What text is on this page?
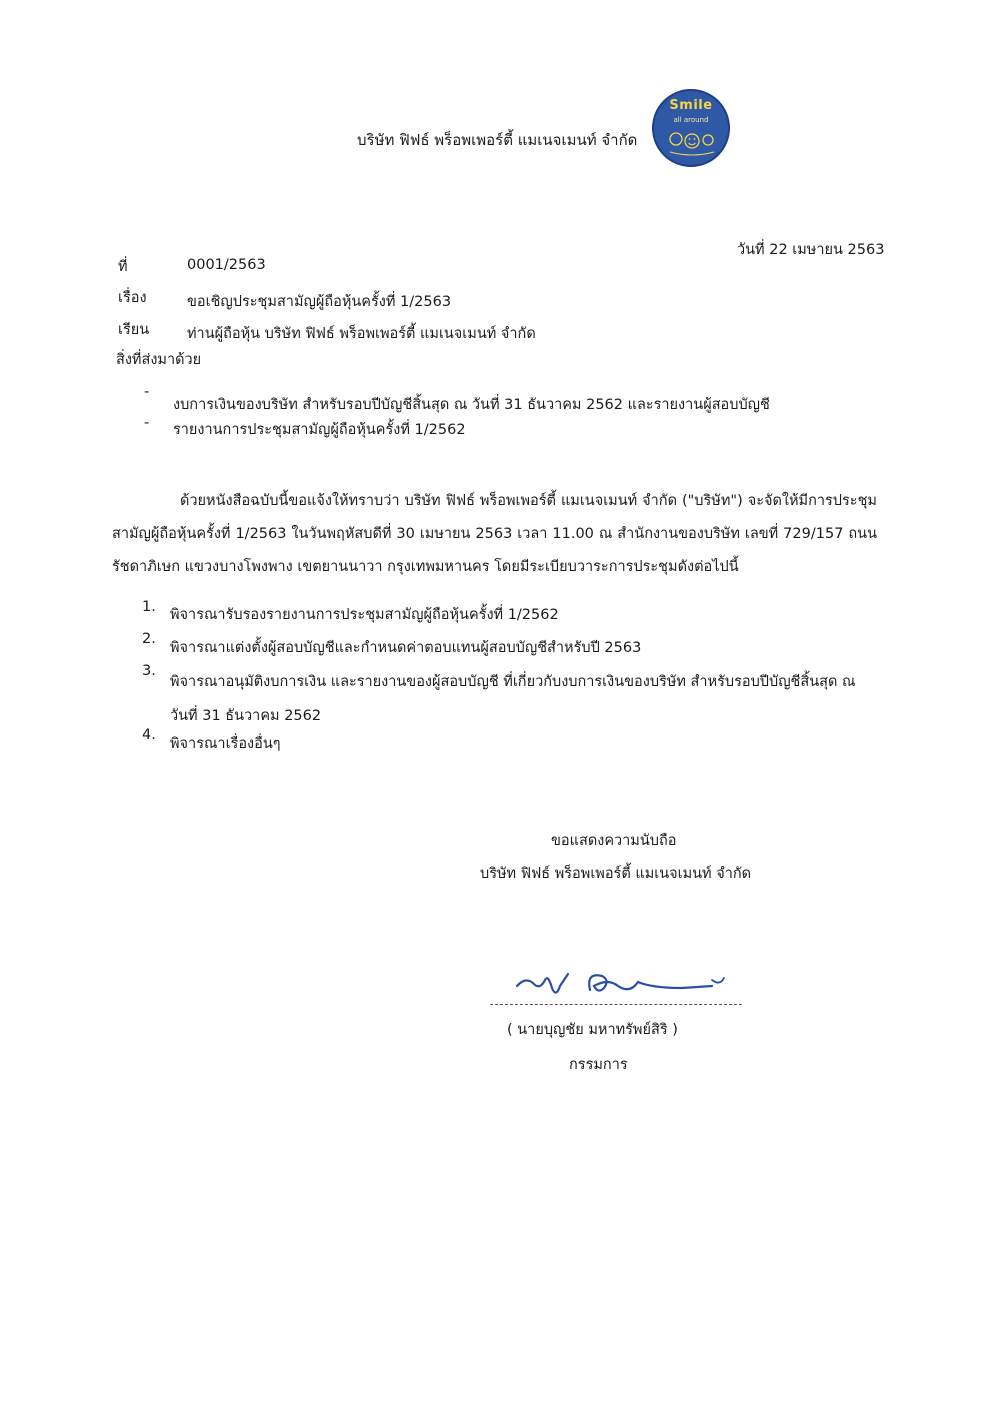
บริษัท ฟิฟธ์ พร็อพเพอร์ตี้ แมเนจเมนท์ จำกัด
Smile
all around
วันที่ 22 เมษายน 2563
ที่	0001/2563
เรื่อง	ขอเชิญประชุมสามัญผู้ถือหุ้นครั้งที่ 1/2563
เรียน	ท่านผู้ถือหุ้น บริษัท ฟิฟธ์ พร็อพเพอร์ตี้ แมเนจเมนท์ จำกัด
สิ่งที่ส่งมาด้วย
-
งบการเงินของบริษัท สำหรับรอบปีบัญชีสิ้นสุด ณ วันที่ 31 ธันวาคม 2562 และรายงานผู้สอบบัญชี
- รายงานการประชุมสามัญผู้ถือหุ้นครั้งที่ 1/2562
ด้วยหนังสือฉบับนี้ขอแจ้งให้ทราบว่า บริษัท ฟิฟธ์ พร็อพเพอร์ตี้ แมเนจเมนท์ จำกัด ("บริษัท") จะจัดให้มีการประชุมสามัญผู้ถือหุ้นครั้งที่ 1/2563 ในวันพฤหัสบดีที่ 30 เมษายน 2563 เวลา 11.00 ณ สำนักงานของบริษัท เลขที่ 729/157 ถนนรัชดาภิเษก แขวงบางโพงพาง เขตยานนาวา กรุงเทพมหานคร โดยมีระเบียบวาระการประชุมดังต่อไปนี้
1. พิจารณารับรองรายงานการประชุมสามัญผู้ถือหุ้นครั้งที่ 1/2562
2.
พิจารณาแต่งตั้งผู้สอบบัญชีและกำหนดค่าตอบแทนผู้สอบบัญชีสำหรับปี 2563
3.
พิจารณาอนุมัติงบการเงิน และรายงานของผู้สอบบัญชี ที่เกี่ยวกับงบการเงินของบริษัท สำหรับรอบปีบัญชีสิ้นสุด ณ วันที่ 31 ธันวาคม 2562
4.
พิจารณาเรื่องอื่นๆ
ขอแสดงความนับถือ
บริษัท ฟิฟธ์ พร็อพเพอร์ตี้ แมเนจเมนท์ จำกัด
( นายบุญชัย มหาทรัพย์สิริ )
กรรมการ
